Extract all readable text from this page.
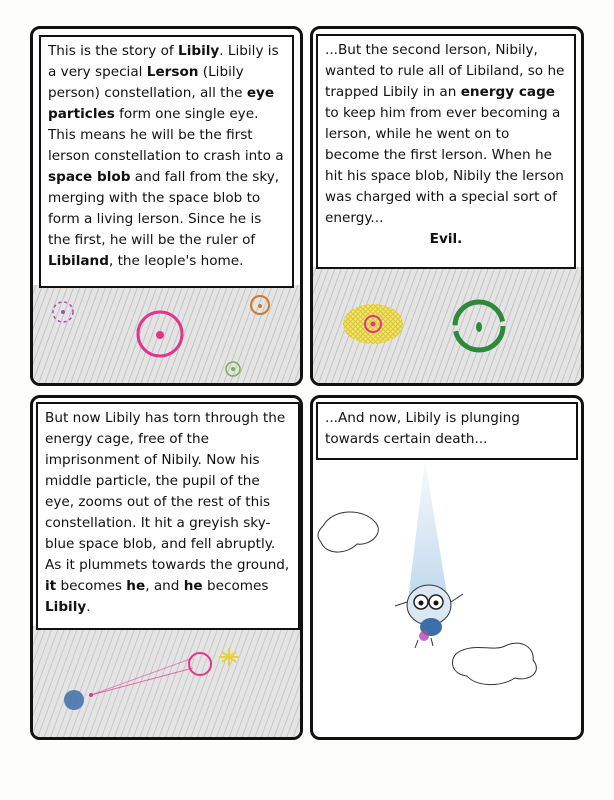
This is the story of Libily. Libily is a very special Lerson (Libily person) constellation, all the eye particles form one single eye. This means he will be the first lerson constellation to crash into a space blob and fall from the sky, merging with the space blob to form a living lerson. Since he is the first, he will be the ruler of Libiland, the leople's home.
...But the second lerson, Nibily, wanted to rule all of Libiland, so he trapped Libily in an energy cage to keep him from ever becoming a lerson, while he went on to become the first lerson. When he hit his space blob, Nibily the lerson was charged with a special sort of energy...
Evil.
But now Libily has torn through the energy cage, free of the imprisonment of Nibily. Now his middle particle, the pupil of the eye, zooms out of the rest of this constellation. It hit a greyish sky-blue space blob, and fell abruptly. As it plummets towards the ground, it becomes he, and he becomes Libily.
...And now, Libily is plunging towards certain death...
